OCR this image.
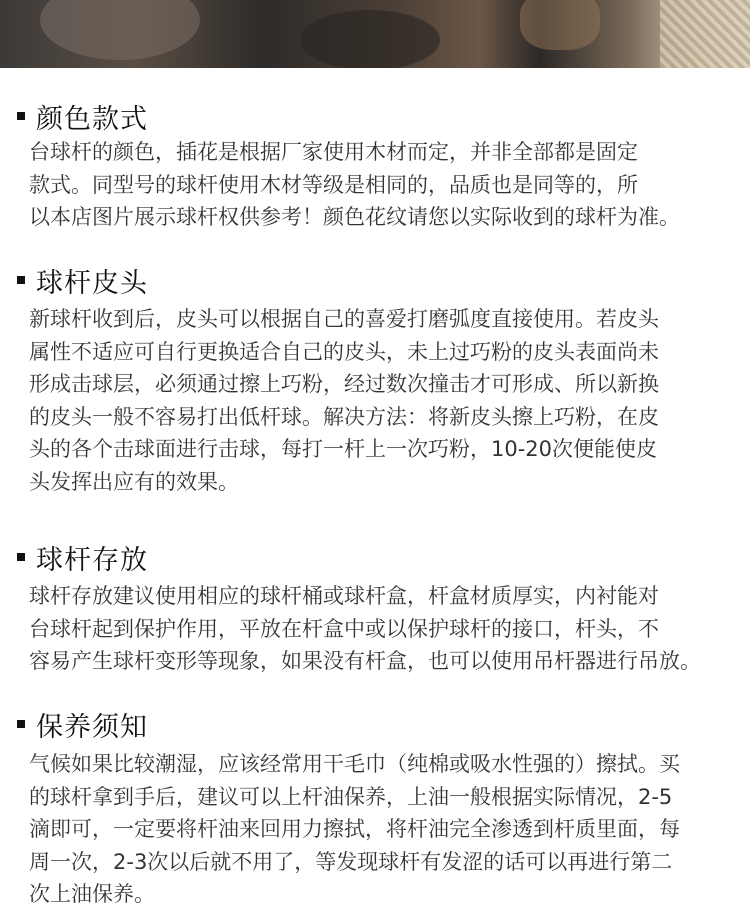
颜色款式
台球杆的颜色，插花是根据厂家使用木材而定，并非全部都是固定
款式。同型号的球杆使用木材等级是相同的，品质也是同等的，所
以本店图片展示球杆权供参考！颜色花纹请您以实际收到的球杆为准。
球杆皮头
新球杆收到后，皮头可以根据自己的喜爱打磨弧度直接使用。若皮头
属性不适应可自行更换适合自己的皮头，未上过巧粉的皮头表面尚未
形成击球层，必须通过擦上巧粉，经过数次撞击才可形成、所以新换
的皮头一般不容易打出低杆球。解决方法：将新皮头擦上巧粉，在皮
头的各个击球面进行击球，每打一杆上一次巧粉，10-20次便能使皮
头发挥出应有的效果。
球杆存放
球杆存放建议使用相应的球杆桶或球杆盒，杆盒材质厚实，内衬能对
台球杆起到保护作用，平放在杆盒中或以保护球杆的接口，杆头，不
容易产生球杆变形等现象，如果没有杆盒，也可以使用吊杆器进行吊放。
保养须知
气候如果比较潮湿，应该经常用干毛巾（纯棉或吸水性强的）擦拭。买
的球杆拿到手后，建议可以上杆油保养，上油一般根据实际情况，2-5
滴即可，一定要将杆油来回用力擦拭，将杆油完全渗透到杆质里面，每
周一次，2-3次以后就不用了，等发现球杆有发涩的话可以再进行第二
次上油保养。
